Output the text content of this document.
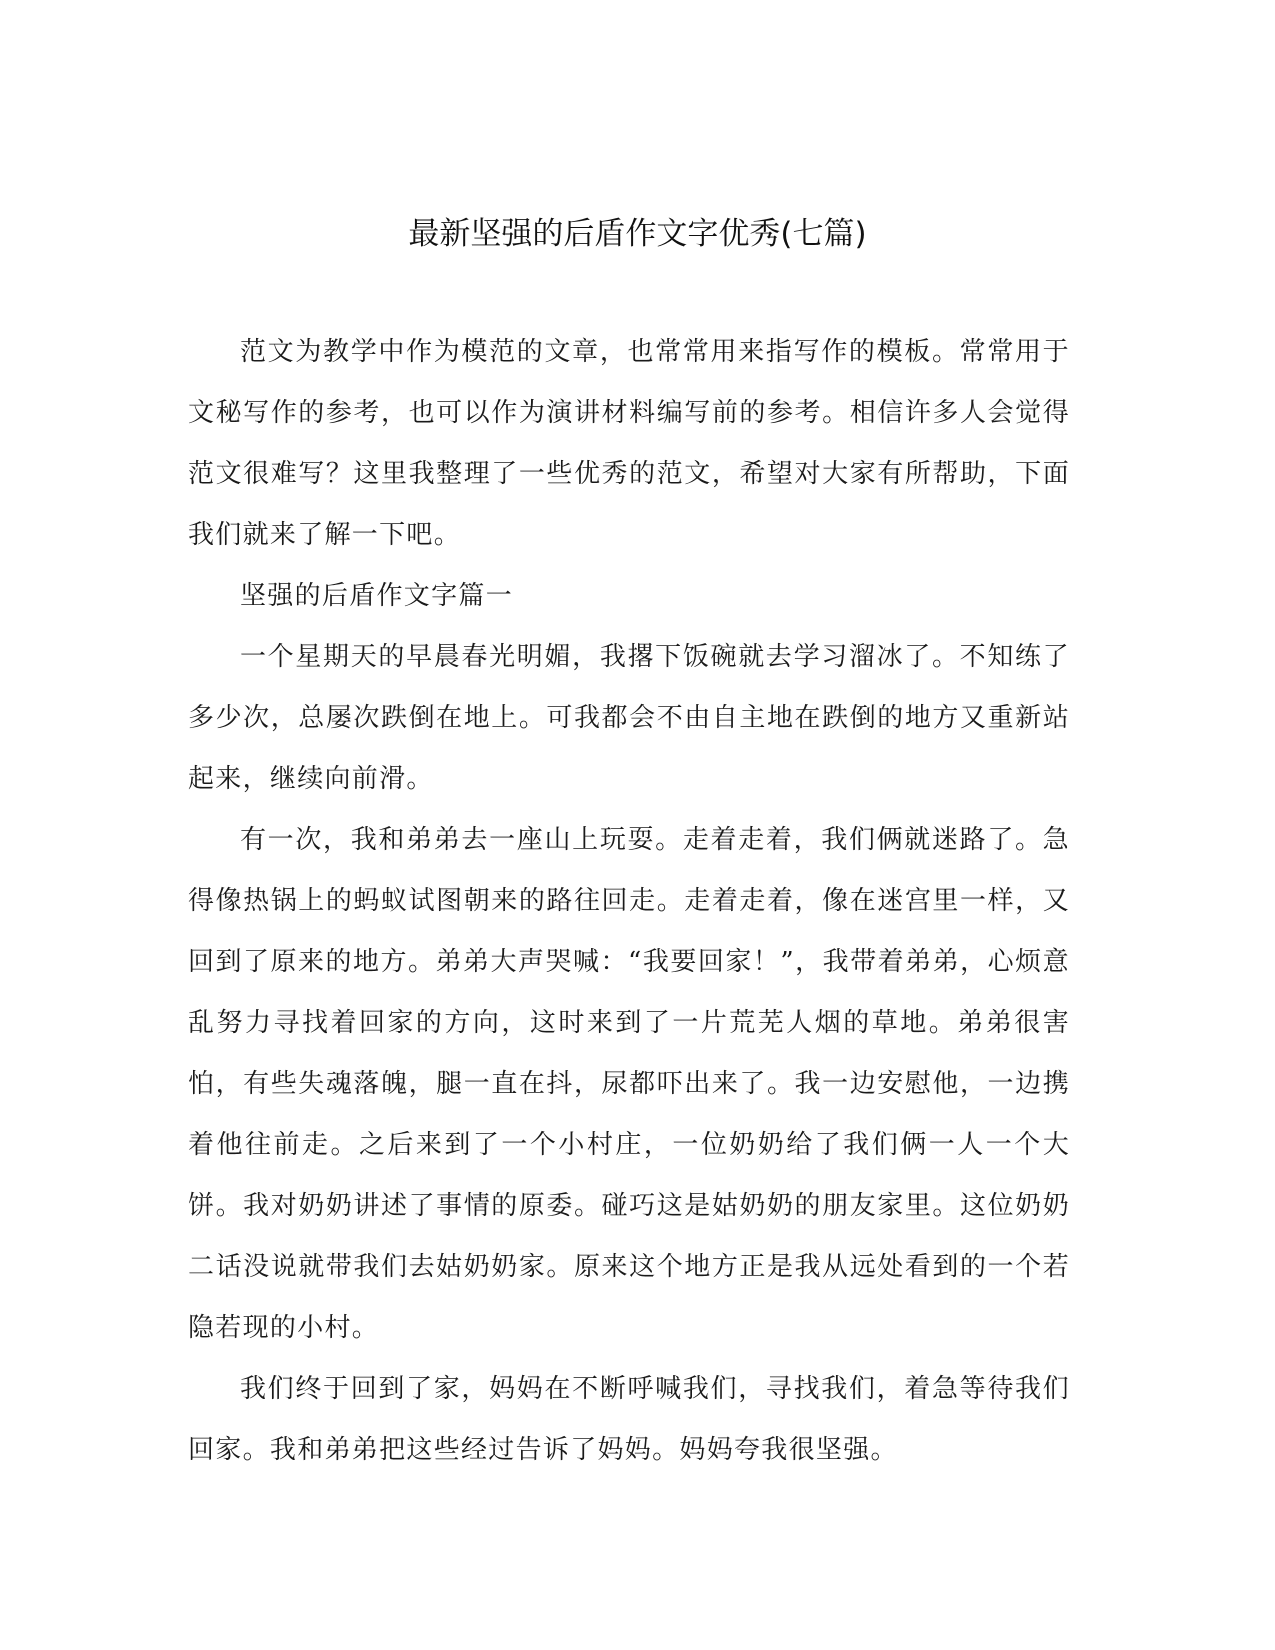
最新坚强的后盾作文字优秀(七篇)

范文为教学中作为模范的文章，也常常用来指写作的模板。常常用于文秘写作的参考，也可以作为演讲材料编写前的参考。相信许多人会觉得范文很难写？这里我整理了一些优秀的范文，希望对大家有所帮助，下面我们就来了解一下吧。

坚强的后盾作文字篇一

一个星期天的早晨春光明媚，我撂下饭碗就去学习溜冰了。不知练了多少次，总屡次跌倒在地上。可我都会不由自主地在跌倒的地方又重新站起来，继续向前滑。

有一次，我和弟弟去一座山上玩耍。走着走着，我们俩就迷路了。急得像热锅上的蚂蚁试图朝来的路往回走。走着走着，像在迷宫里一样，又回到了原来的地方。弟弟大声哭喊：“我要回家！”，我带着弟弟，心烦意乱努力寻找着回家的方向，这时来到了一片荒芜人烟的草地。弟弟很害怕，有些失魂落魄，腿一直在抖，尿都吓出来了。我一边安慰他，一边携着他往前走。之后来到了一个小村庄，一位奶奶给了我们俩一人一个大饼。我对奶奶讲述了事情的原委。碰巧这是姑奶奶的朋友家里。这位奶奶二话没说就带我们去姑奶奶家。原来这个地方正是我从远处看到的一个若隐若现的小村。

我们终于回到了家，妈妈在不断呼喊我们，寻找我们，着急等待我们回家。我和弟弟把这些经过告诉了妈妈。妈妈夸我很坚强。
